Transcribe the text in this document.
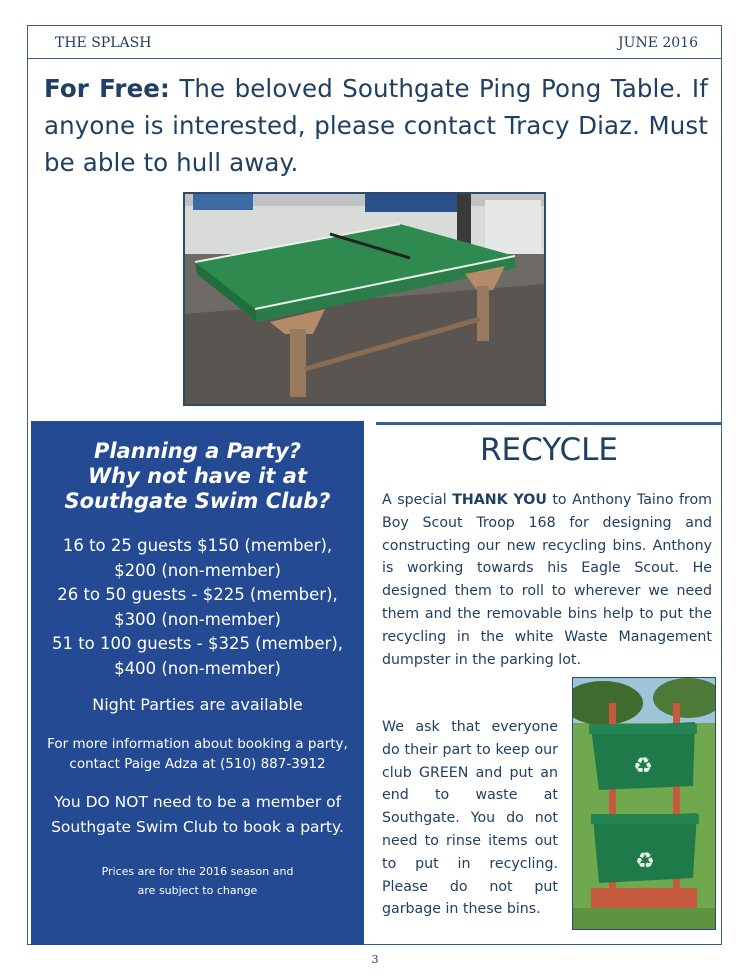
THE SPLASH	JUNE 2016
For Free: The beloved Southgate Ping Pong Table. If anyone is interested, please contact Tracy Diaz. Must be able to hull away.
Planning a Party?
Why not have it at
Southgate Swim Club?
16 to 25 guests $150 (member),
$200 (non-member)
26 to 50 guests - $225 (member),
$300 (non-member)
51 to 100 guests - $325 (member),
$400 (non-member)
Night Parties are available
For more information about booking a party,
contact Paige Adza at (510) 887-3912
You DO NOT need to be a member of
Southgate Swim Club to book a party.
Prices are for the 2016 season and
are subject to change
RECYCLE
A special THANK YOU to Anthony Taino from Boy Scout Troop 168 for designing and constructing our new recycling bins. Anthony is working towards his Eagle Scout. He designed them to roll to wherever we need them and the removable bins help to put the recycling in the white Waste Management dumpster in the parking lot.
We ask that everyone do their part to keep our club GREEN and put an end to waste at Southgate. You do not need to rinse items out to put in recycling. Please do not put garbage in these bins.
♻
♻
3
